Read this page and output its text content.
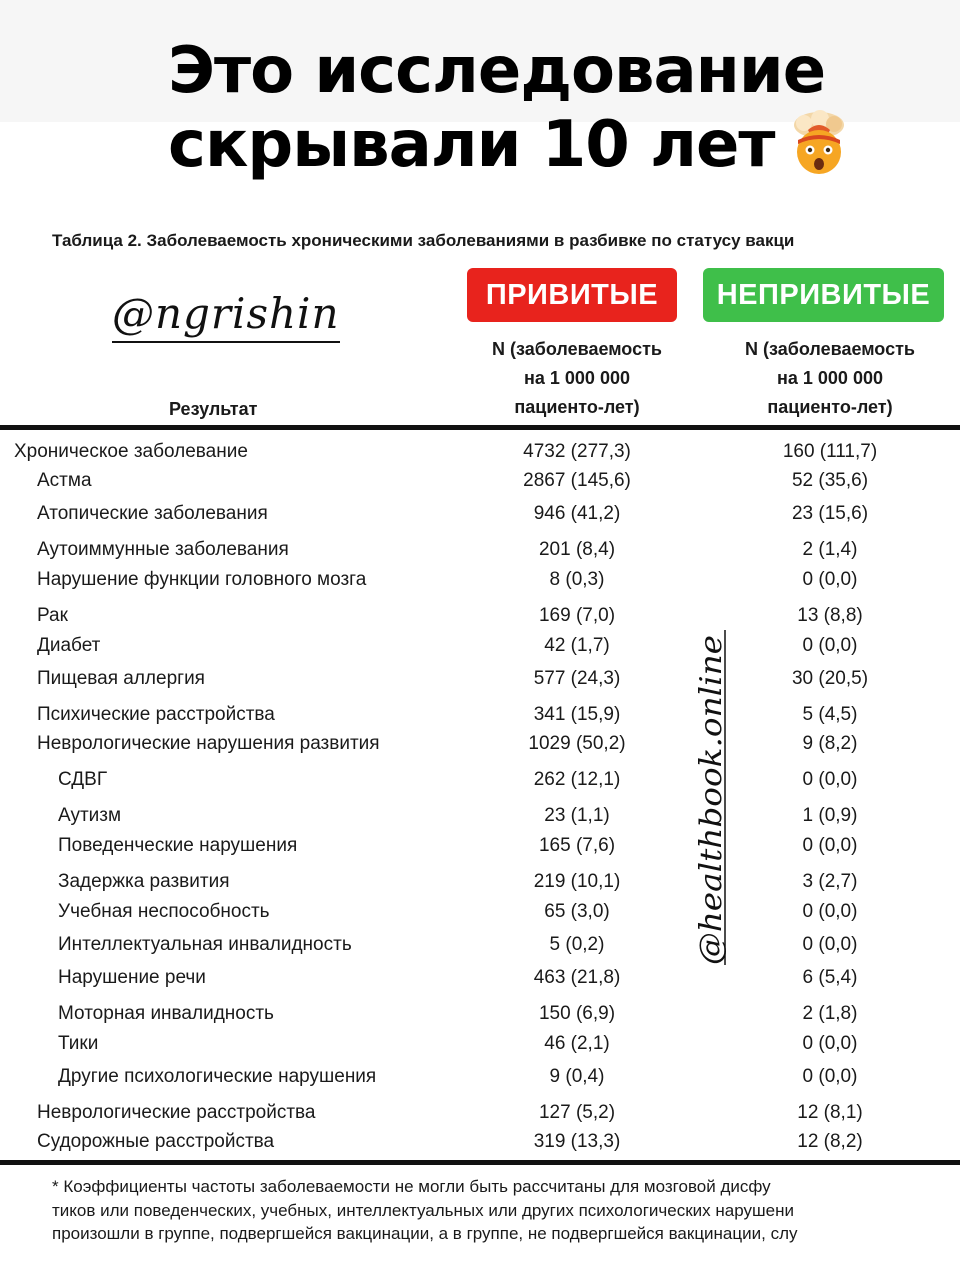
Это исследование
скрывали 10 лет
Таблица 2. Заболеваемость хроническими заболеваниями в разбивке по статусу вакци
@ngrishin	ПРИВИТЫЕ НЕПРИВИТЫЕ
N (заболеваемость
на 1 000 000
пациенто-лет)
N (заболеваемость
на 1 000 000
пациенто-лет)
Результат
Хроническое заболевание	4732 (277,3)	160 (111,7)
Астма	2867 (145,6)	52 (35,6)
Атопические заболевания	946 (41,2)	23 (15,6)
Аутоиммунные заболевания	201 (8,4)	2 (1,4)
Нарушение функции головного мозга	8 (0,3)	0 (0,0)
Рак	169 (7,0)	13 (8,8)
Диабет	42 (1,7)	0 (0,0)
Пищевая аллергия	577 (24,3)	30 (20,5)
Психические расстройства	341 (15,9)	5 (4,5)
Неврологические нарушения развития	1029 (50,2)	9 (8,2)
СДВГ	262 (12,1)	0 (0,0)
Аутизм	23 (1,1)	1 (0,9)
Поведенческие нарушения	165 (7,6)	0 (0,0)
Задержка развития	219 (10,1)	3 (2,7)
Учебная неспособность	65 (3,0)	0 (0,0)
Интеллектуальная инвалидность	5 (0,2)	0 (0,0)
Нарушение речи	463 (21,8)	6 (5,4)
Моторная инвалидность	150 (6,9)	2 (1,8)
Тики	46 (2,1)	0 (0,0)
Другие психологические нарушения	9 (0,4)	0 (0,0)
Неврологические расстройства	127 (5,2)	12 (8,1)
Судорожные расстройства	319 (13,3)	12 (8,2)
@healthbook.online
* Коэффициенты частоты заболеваемости не могли быть рассчитаны для мозговой дисфу
тиков или поведенческих, учебных, интеллектуальных или других психологических нарушени
произошли в группе, подвергшейся вакцинации, а в группе, не подвергшейся вакцинации, слу
